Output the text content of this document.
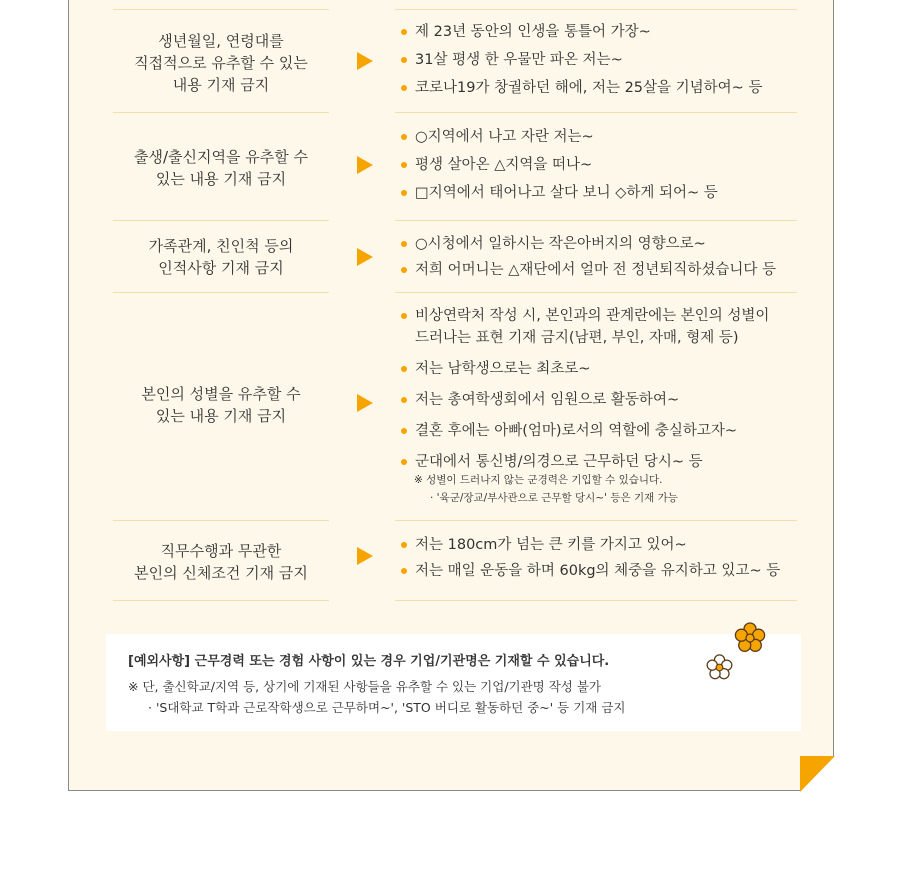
생년월일, 연령대를
직접적으로 유추할 수 있는
내용 기재 금지
제 23년 동안의 인생을 통틀어 가장~
31살 평생 한 우물만 파온 저는~
코로나19가 창궐하던 해에, 저는 25살을 기념하여~ 등
출생/출신지역을 유추할 수
있는 내용 기재 금지
○지역에서 나고 자란 저는~
평생 살아온 △지역을 떠나~
□지역에서 태어나고 살다 보니 ◇하게 되어~ 등
가족관계, 친인척 등의
인적사항 기재 금지
○시청에서 일하시는 작은아버지의 영향으로~
저희 어머니는 △재단에서 얼마 전 정년퇴직하셨습니다 등
본인의 성별을 유추할 수
있는 내용 기재 금지
비상연락처 작성 시, 본인과의 관계란에는 본인의 성별이 드러나는 표현 기재 금지(남편, 부인, 자매, 형제 등)
저는 남학생으로는 최초로~
저는 총여학생회에서 임원으로 활동하여~
결혼 후에는 아빠(엄마)로서의 역할에 충실하고자~
군대에서 통신병/의경으로 근무하던 당시~ 등
※ 성별이 드러나지 않는 군경력은 기입할 수 있습니다.
· '육군/장교/부사관으로 근무할 당시~' 등은 기재 가능
직무수행과 무관한
본인의 신체조건 기재 금지
저는 180cm가 넘는 큰 키를 가지고 있어~
저는 매일 운동을 하며 60kg의 체중을 유지하고 있고~ 등
[예외사항] 근무경력 또는 경험 사항이 있는 경우 기업/기관명은 기재할 수 있습니다.
※ 단, 출신학교/지역 등, 상기에 기재된 사항들을 유추할 수 있는 기업/기관명 작성 불가
· 'S대학교 T학과 근로작학생으로 근무하며~', 'STO 버디로 활동하던 중~' 등 기재 금지
